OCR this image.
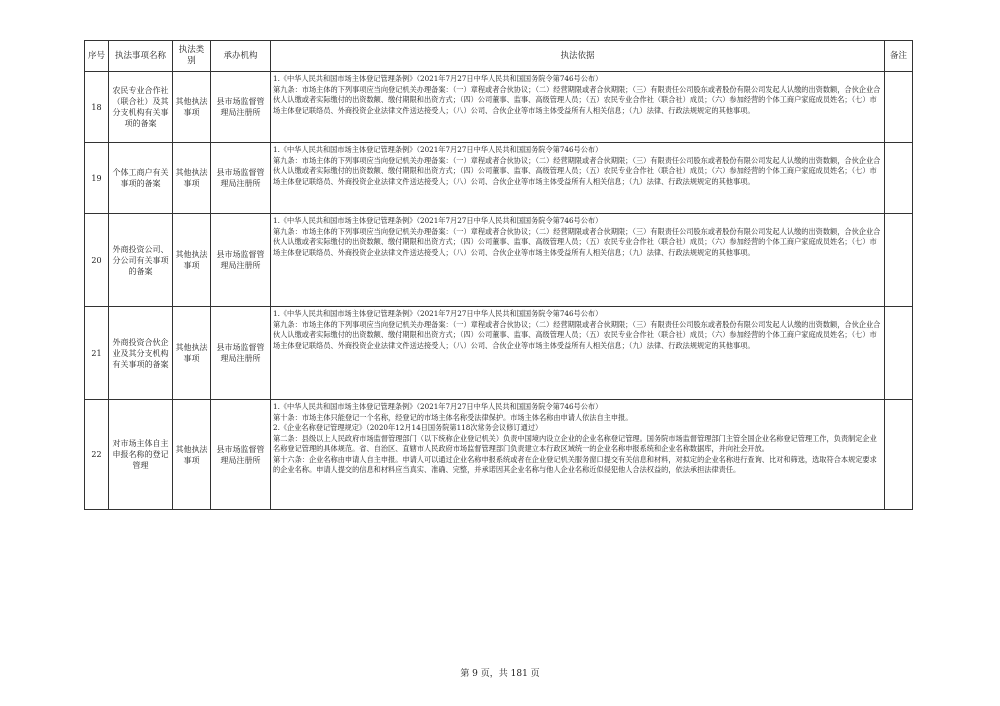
序号	执法事项名称	执法类别	承办机构	执法依据	备注
18	农民专业合作社（联合社）及其分支机构有关事项的备案	其他执法事项	县市场监督管理局注册所	1.《中华人民共和国市场主体登记管理条例》（2021年7月27日中华人民共和国国务院令第746号公布）

第九条：市场主体的下列事项应当向登记机关办理备案：（一）章程或者合伙协议；（二）经营期限或者合伙期限；（三）有限责任公司股东或者股份有限公司发起人认缴的出资数额，合伙企业合伙人认缴或者实际缴付的出资数额、缴付期限和出资方式；（四）公司董事、监事、高级管理人员；（五）农民专业合作社（联合社）成员；（六）参加经营的个体工商户家庭成员姓名；（七）市场主体登记联络员、外商投资企业法律文件送达接受人；（八）公司、合伙企业等市场主体受益所有人相关信息；（九）法律、行政法规规定的其他事项。	

19	个体工商户有关事项的备案	其他执法事项	县市场监督管理局注册所	1.《中华人民共和国市场主体登记管理条例》（2021年7月27日中华人民共和国国务院令第746号公布）

第九条：市场主体的下列事项应当向登记机关办理备案：（一）章程或者合伙协议；（二）经营期限或者合伙期限；（三）有限责任公司股东或者股份有限公司发起人认缴的出资数额，合伙企业合伙人认缴或者实际缴付的出资数额、缴付期限和出资方式；（四）公司董事、监事、高级管理人员；（五）农民专业合作社（联合社）成员；（六）参加经营的个体工商户家庭成员姓名；（七）市场主体登记联络员、外商投资企业法律文件送达接受人；（八）公司、合伙企业等市场主体受益所有人相关信息；（九）法律、行政法规规定的其他事项。	

20	外商投资公司、分公司有关事项的备案	其他执法事项	县市场监督管理局注册所	1.《中华人民共和国市场主体登记管理条例》（2021年7月27日中华人民共和国国务院令第746号公布）

第九条：市场主体的下列事项应当向登记机关办理备案：（一）章程或者合伙协议；（二）经营期限或者合伙期限；（三）有限责任公司股东或者股份有限公司发起人认缴的出资数额，合伙企业合伙人认缴或者实际缴付的出资数额、缴付期限和出资方式；（四）公司董事、监事、高级管理人员；（五）农民专业合作社（联合社）成员；（六）参加经营的个体工商户家庭成员姓名；（七）市场主体登记联络员、外商投资企业法律文件送达接受人；（八）公司、合伙企业等市场主体受益所有人相关信息；（九）法律、行政法规规定的其他事项。	

21	外商投资合伙企业及其分支机构有关事项的备案	其他执法事项	县市场监督管理局注册所	1.《中华人民共和国市场主体登记管理条例》（2021年7月27日中华人民共和国国务院令第746号公布）

第九条：市场主体的下列事项应当向登记机关办理备案：（一）章程或者合伙协议；（二）经营期限或者合伙期限；（三）有限责任公司股东或者股份有限公司发起人认缴的出资数额，合伙企业合伙人认缴或者实际缴付的出资数额、缴付期限和出资方式；（四）公司董事、监事、高级管理人员；（五）农民专业合作社（联合社）成员；（六）参加经营的个体工商户家庭成员姓名；（七）市场主体登记联络员、外商投资企业法律文件送达接受人；（八）公司、合伙企业等市场主体受益所有人相关信息；（九）法律、行政法规规定的其他事项。	

22	对市场主体自主申报名称的登记管理	其他执法事项	县市场监督管理局注册所	1.《中华人民共和国市场主体登记管理条例》（2021年7月27日中华人民共和国国务院令第746号公布）

第十条：市场主体只能登记一个名称，经登记的市场主体名称受法律保护。市场主体名称由申请人依法自主申报。

2.《企业名称登记管理规定》（2020年12月14日国务院第118次常务会议修订通过）

第二条：县级以上人民政府市场监督管理部门（以下统称企业登记机关）负责中国境内设立企业的企业名称登记管理。国务院市场监督管理部门主管全国企业名称登记管理工作，负责制定企业名称登记管理的具体规范。省、自治区、直辖市人民政府市场监督管理部门负责建立本行政区域统一的企业名称申报系统和企业名称数据库，并向社会开放。

第十六条：企业名称由申请人自主申报。申请人可以通过企业名称申报系统或者在企业登记机关服务窗口提交有关信息和材料，对拟定的企业名称进行查询、比对和筛选，选取符合本规定要求的企业名称。申请人提交的信息和材料应当真实、准确、完整，并承诺因其企业名称与他人企业名称近似侵犯他人合法权益的，依法承担法律责任。	

第 9 页，共 181 页
